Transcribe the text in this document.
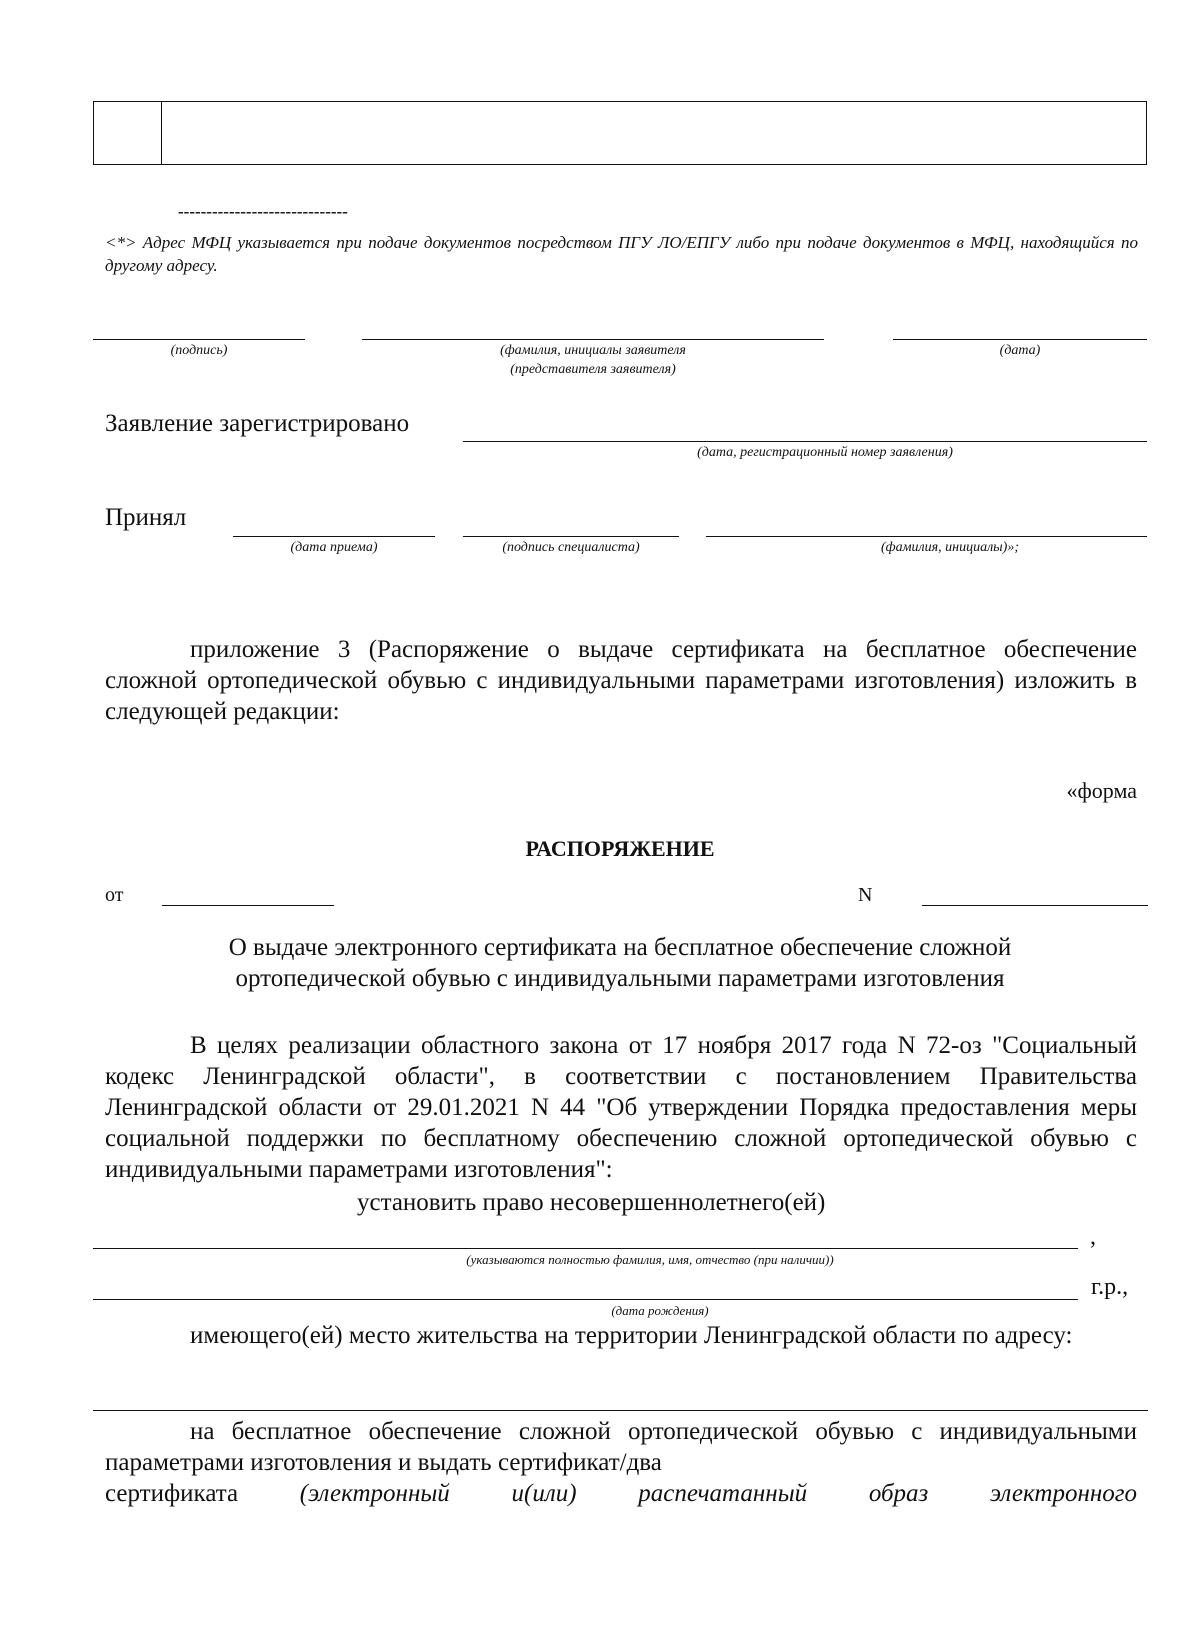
------------------------------
<*> Адрес МФЦ указывается при подаче документов посредством ПГУ ЛО/ЕПГУ либо при подаче документов в МФЦ, находящийся по другому адресу.
(подпись)	(фамилия, инициалы заявителя
(представителя заявителя)
(дата)
Заявление зарегистрировано
(дата, регистрационный номер заявления)
Принял
(дата приема)	(подпись специалиста)	(фамилия, инициалы)»;

приложение 3 (Распоряжение о выдаче сертификата на бесплатное обеспечение сложной ортопедической обувью с индивидуальными параметрами изготовления) изложить в следующей редакции:

«форма
РАСПОРЯЖЕНИЕ
от	N
О выдаче электронного сертификата на бесплатное обеспечение сложной
ортопедической обувью с индивидуальными параметрами изготовления

В целях реализации областного закона от 17 ноября 2017 года N 72-оз "Социальный кодекс Ленинградской области", в соответствии с постановлением Правительства Ленинградской области от 29.01.2021 N 44 "Об утверждении Порядка предоставления меры социальной поддержки по бесплатному обеспечению сложной ортопедической обувью с индивидуальными параметрами изготовления":

установить право несовершеннолетнего(ей)
,
(указываются полностью фамилия, имя, отчество (при наличии))
г.р.,
(дата рождения)

имеющего(ей) место жительства на территории Ленинградской области по адресу:

на бесплатное обеспечение сложной ортопедической обувью с индивидуальными параметрами изготовления и выдать сертификат/два

сертификата (электронный и(или) распечатанный образ электронного
